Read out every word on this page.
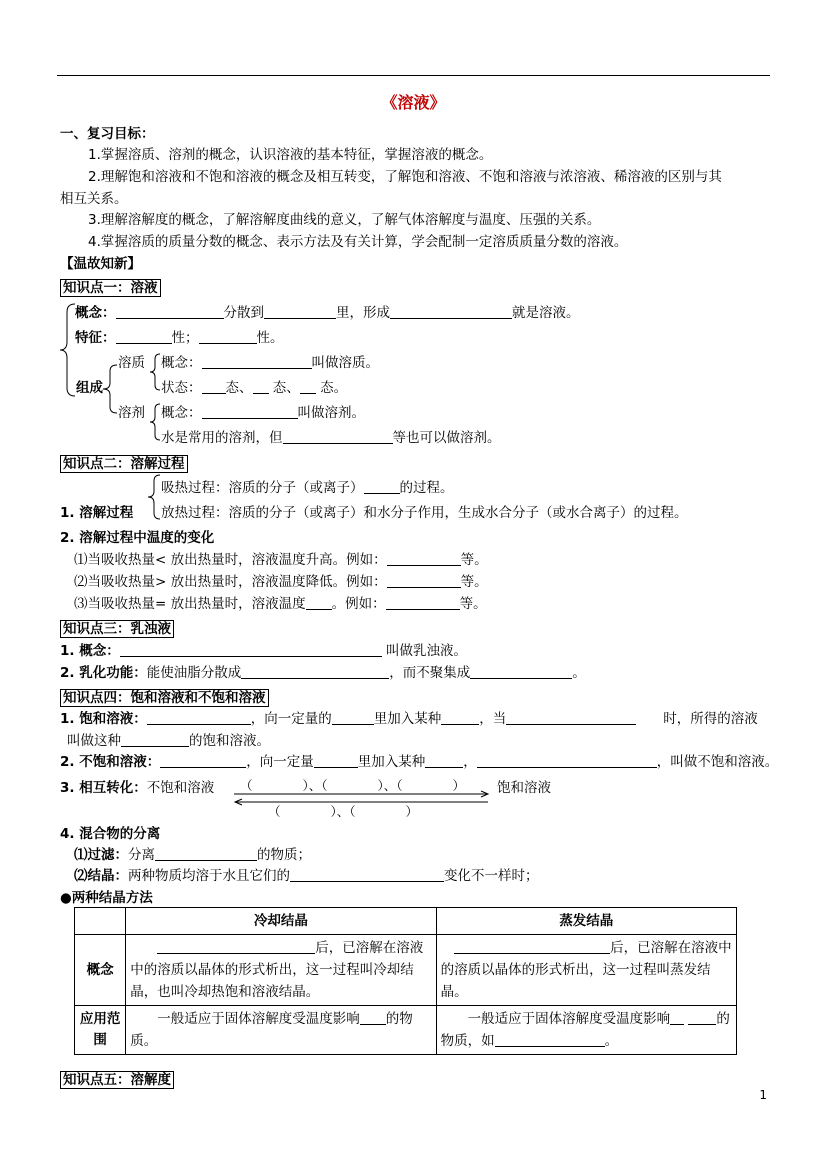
《溶液》
一、复习目标：
1.掌握溶质、溶剂的概念，认识溶液的基本特征，掌握溶液的概念。
2.理解饱和溶液和不饱和溶液的概念及相互转变，了解饱和溶液、不饱和溶液与浓溶液、稀溶液的区别与其
相互关系。
3.理解溶解度的概念，了解溶解度曲线的意义，了解气体溶解度与温度、压强的关系。
4.掌握溶质的质量分数的概念、表示方法及有关计算，学会配制一定溶质质量分数的溶液。
【温故知新】
知识点一：溶液
概念：	分散到	里，形成	就是溶液。
特征：	性；	性。
组成
溶质 概念：	叫做溶质。
状态： 态、 态、 态。
溶剂 概念：	叫做溶剂。
水是常用的溶剂，但	等也可以做溶剂。
知识点二：溶解过程
1. 溶解过程
吸热过程：溶质的分子（或离子）	的过程。
放热过程：溶质的分子（或离子）和水分子作用，生成水合分子（或水合离子）的过程。
2. 溶解过程中温度的变化
⑴当吸收热量< 放出热量时，溶液温度升高。例如：	等。
⑵当吸收热量> 放出热量时，溶液温度降低。例如：	等。
⑶当吸收热量= 放出热量时，溶液温度 。例如：	等。
知识点三：乳浊液
1. 概念：	叫做乳浊液。
2. 乳化功能：能使油脂分散成	，而不聚集成	。
知识点四：饱和溶液和不饱和溶液
1. 饱和溶液：	，向一定量的	里加入某种	，当　　	时，所得的溶液
叫做这种	的饱和溶液。
2. 不饱和溶液：	，向一定量	里加入某种	，	，叫做不饱和溶液。
3. 相互转化：不饱和溶液 （　　　　）、（　　　　）、（　　　　） 饱和溶液
（　　　　）、（　　　　）
4. 混合物的分离
⑴过滤：分离	的物质；
⑵结晶：两种物质均溶于水且它们的	变化不一样时；
●两种结晶方法
	冷却结晶	蒸发结晶
概念	　　后，已溶解在溶液中的溶质以晶体的形式析出，这一过程叫冷却结晶，也叫冷却热饱和溶液结晶。	　后，已溶解在溶液中的溶质以晶体的形式析出，这一过程叫蒸发结晶。
应用范围	　　一般适应于固体溶解度受温度影响 的物质。	　　一般适应于固体溶解度受温度影响 的物质，如 。
知识点五：溶解度
1
